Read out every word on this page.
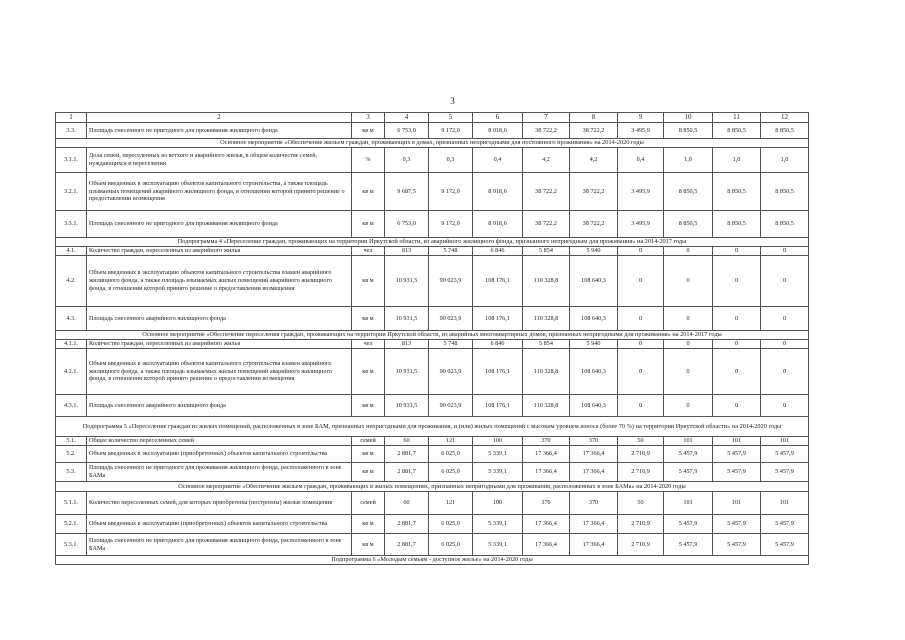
3
1	2	3	4	5	6	7	8	9	10	11	12
3.3.	Площадь снесенного не пригодного для проживания жилищного фонда	кв м	6 753,0	9 172,0	8 018,6	38 722,2	38 722,2	3 495,9	8 850,5	8 850,5	8 850,5
Основное мероприятие «Обеспечение жильем граждан, проживающих в домах, признанных непригодными для постоянного проживания» на 2014-2020 годы											
3.1.1.	Доля семей, переселенных из ветхого и аварийного жилья, в общем количестве семей, нуждающихся в переселении	%	0,3	0,3	0,4	4,2	4,2	0,4	1,0	1,0	1,0
3.2.1.	Объем введенных в эксплуатацию объектов капитального строительства, а также площадь изымаемых помещений аварийного жилищного фонда, в отношении которой принято решение о предоставлении возмещения	кв м	9 687,5	9 172,0	8 018,6	38 722,2	38 722,2	3 495,9	8 850,5	8 850,5	8 850,5
3.3.1.	Площадь снесенного не пригодного для проживания жилищного фонда	кв м	6 753,0	9 172,0	8 018,6	38 722,2	38 722,2	3 495,9	8 850,5	8 850,5	8 850,5
Подпрограмма 4 «Переселение граждан, проживающих на территории Иркутской области, из аварийного жилищного фонда, признанного непригодным для проживания» на 2014-2017 годы											
4.1.	Количество граждан, переселенных из аварийного жилья	чел	813	5 748	6 846	5 854	5 940	0	0	0	0
4.2.	Объем введенных в эксплуатацию объектов капитального строительства взамен аварийного жилищного фонда, а также площадь изымаемых жилых помещений аварийного жилищного фонда, в отношении которой принято решение о предоставлении возмещения	кв м	10 931,5	90 023,9	108 176,1	110 328,8	108 640,3	0	0	0	0
4.3.	Площадь снесенного аварийного жилищного фонда	кв м	10 931,5	90 023,9	108 176,1	110 328,8	108 640,3	0	0	0	0
Основное мероприятие «Обеспечение переселения граждан, проживающих на территории Иркутской области, из аварийных многоквартирных домов, признанных непригодными для проживания» на 2014-2017 годы											
4.1.1.	Количество граждан, переселенных из аварийного жилья	чел	813	5 748	6 846	5 854	5 940	0	0	0	0
4.2.1.	Объем введенных в эксплуатацию объектов капитального строительства взамен аварийного жилищного фонда, а также площадь изымаемых жилых помещений аварийного жилищного фонда, в отношении которой принято решение о предоставлении возмещения	кв м	10 931,5	90 023,9	108 176,1	110 328,8	108 640,3	0	0	0	0
4.3.1.	Площадь снесенного аварийного жилищного фонда	кв м	10 931,5	90 023,9	108 176,1	110 328,8	108 640,3	0	0	0	0
Подпрограмма 5 «Переселение граждан из жилых помещений, расположенных в зоне БАМ, признанных непригодными для проживания, и (или) жилых помещений с высоким уровнем износа (более 70 %) на территории Иркутской области» на 2014-2020 годы											
5.1.	Общее количество переселенных семей	семей	60	121	100	370	370	50	101	101	101
5.2.	Объем введенных в эксплуатацию (приобретенных) объектов капитального строительства	кв м	2 881,7	6 025,0	5 339,1	17 366,4	17 366,4	2 710,9	5 457,9	5 457,9	5 457,9
5.3.	Площадь снесенного не пригодного для проживания жилищного фонда, расположенного в зоне БАМа	кв м	2 881,7	6 025,0	5 339,1	17 366,4	17 366,4	2 710,9	5 457,9	5 457,9	5 457,9
Основное мероприятие «Обеспечение жильем граждан, проживающих в жилых помещениях, признанных непригодными для проживания, расположенных в зоне БАМа» на 2014-2020 годы											
5.1.1.	Количество переселенных семей, для которых приобретены (построены) жилые помещения	семей	60	121	100	370	370	50	101	101	101
5.2.1.	Объем введенных в эксплуатацию (приобретенных) объектов капитального строительства	кв м	2 881,7	6 025,0	5 339,1	17 366,4	17 366,4	2 710,9	5 457,9	5 457,9	5 457,9
5.3.1.	Площадь снесенного не пригодного для проживания жилищного фонда, расположенного в зоне БАМа	кв м	2 881,7	6 025,0	5 339,1	17 366,4	17 366,4	2 710,9	5 457,9	5 457,9	5 457,9
Подпрограмма 6 «Молодым семьям - доступное жилье» на 2014-2020 годы											
